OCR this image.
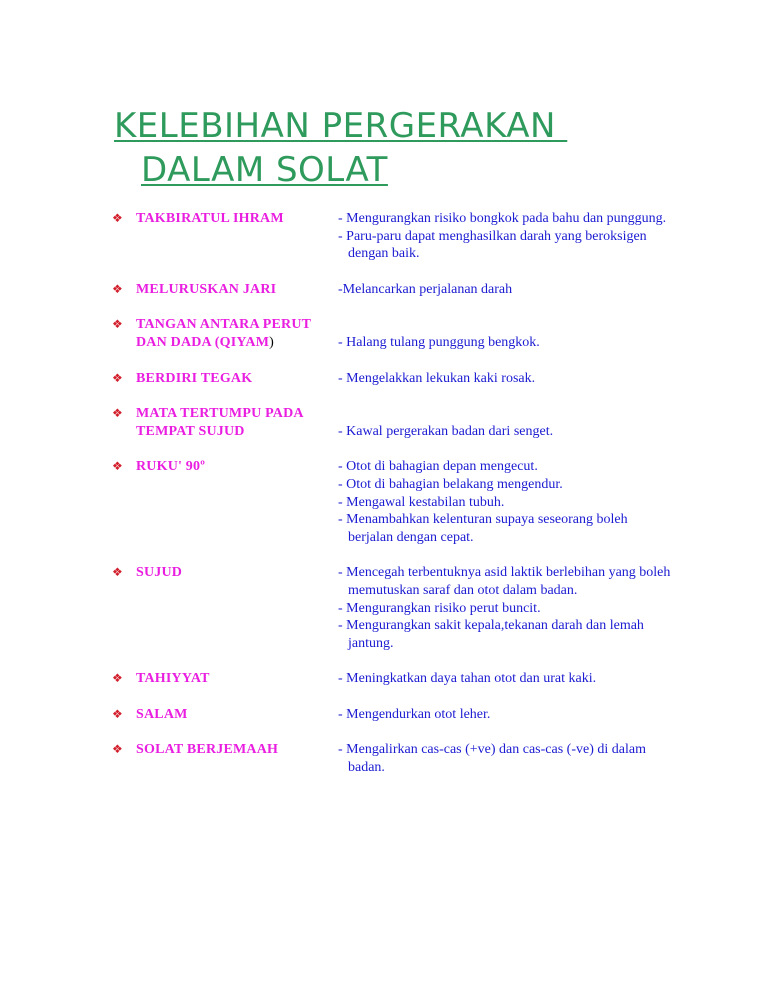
KELEBIHAN PERGERAKAN
DALAM SOLAT
❖ TAKBIRATUL IHRAM	- Mengurangkan risiko bongkok pada bahu dan punggung.
- Paru-paru dapat menghasilkan darah yang beroksigen dengan baik.
❖ MELURUSKAN JARI	-Melancarkan perjalanan darah
❖ TANGAN ANTARA PERUT
DAN DADA (QIYAM)
	- Halang tulang punggung bengkok.
❖ BERDIRI TEGAK	- Mengelakkan lekukan kaki rosak.
❖ MATA TERTUMPU PADA
TEMPAT SUJUD
	- Kawal pergerakan badan dari senget.
❖ RUKU' 90º	- Otot di bahagian depan mengecut.
- Otot di bahagian belakang mengendur.
- Mengawal kestabilan tubuh.
- Menambahkan kelenturan supaya seseorang boleh berjalan dengan cepat.
❖ SUJUD	- Mencegah terbentuknya asid laktik berlebihan yang boleh memutuskan saraf dan otot dalam badan.
- Mengurangkan risiko perut buncit.
- Mengurangkan sakit kepala,tekanan darah dan lemah jantung.
❖ TAHIYYAT	- Meningkatkan daya tahan otot dan urat kaki.
❖ SALAM	- Mengendurkan otot leher.
❖ SOLAT BERJEMAAH	- Mengalirkan cas-cas (+ve) dan cas-cas (-ve) di dalam badan.
